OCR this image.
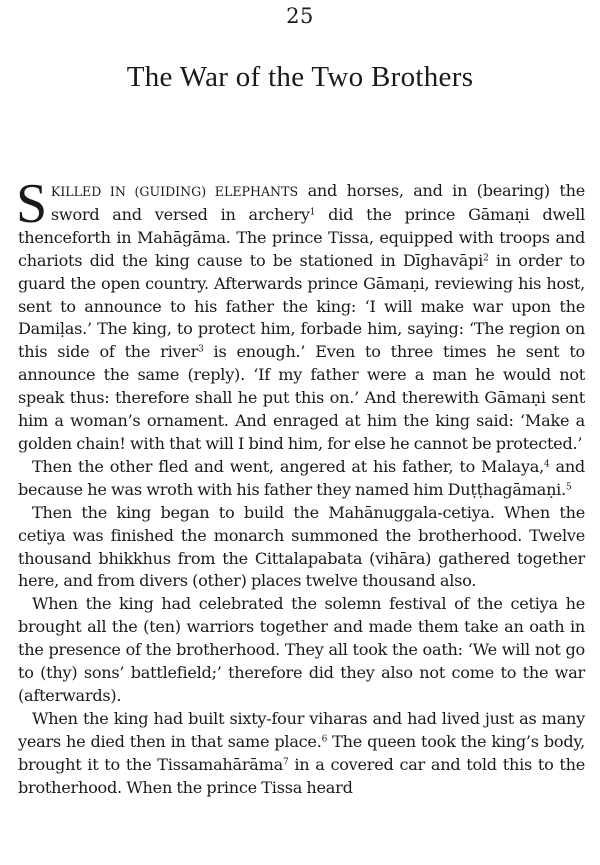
25
The War of the Two Brothers

SKILLED IN (GUIDING) ELEPHANTS and horses, and in (bearing) the sword and versed in archery$^1$ did the prince Gāmaṇi dwell thenceforth in Mahāgāma. The prince Tissa, equipped with troops and chariots did the king cause to be stationed in Dīghavāpi$^2$ in order to guard the open country. Afterwards prince Gāmaṇi, reviewing his host, sent to announce to his father the king: ‘I will make war upon the Damiḷas.’ The king, to protect him, forbade him, saying: ‘The region on this side of the river$^3$ is enough.’ Even to three times he sent to announce the same (reply). ‘If my father were a man he would not speak thus: therefore shall he put this on.’ And therewith Gāmaṇi sent him a woman’s ornament. And enraged at him the king said: ‘Make a golden chain! with that will I bind him, for else he cannot be protected.’

Then the other fled and went, angered at his father, to Malaya,$^4$ and because he was wroth with his father they named him Duṭṭhagāmaṇi.$^5$

Then the king began to build the Mahānuggala-cetiya. When the cetiya was finished the monarch summoned the brotherhood. Twelve thousand bhikkhus from the Cittalapabata (vihāra) gathered together here, and from divers (other) places twelve thousand also.

When the king had celebrated the solemn festival of the cetiya he brought all the (ten) warriors together and made them take an oath in the presence of the brotherhood. They all took the oath: ‘We will not go to (thy) sons’ battlefield;’ therefore did they also not come to the war (afterwards).

When the king had built sixty-four viharas and had lived just as many years he died then in that same place.$^6$ The queen took the king’s body, brought it to the Tissamahārāma$^7$ in a covered car and told this to the brotherhood. When the prince Tissa heard
